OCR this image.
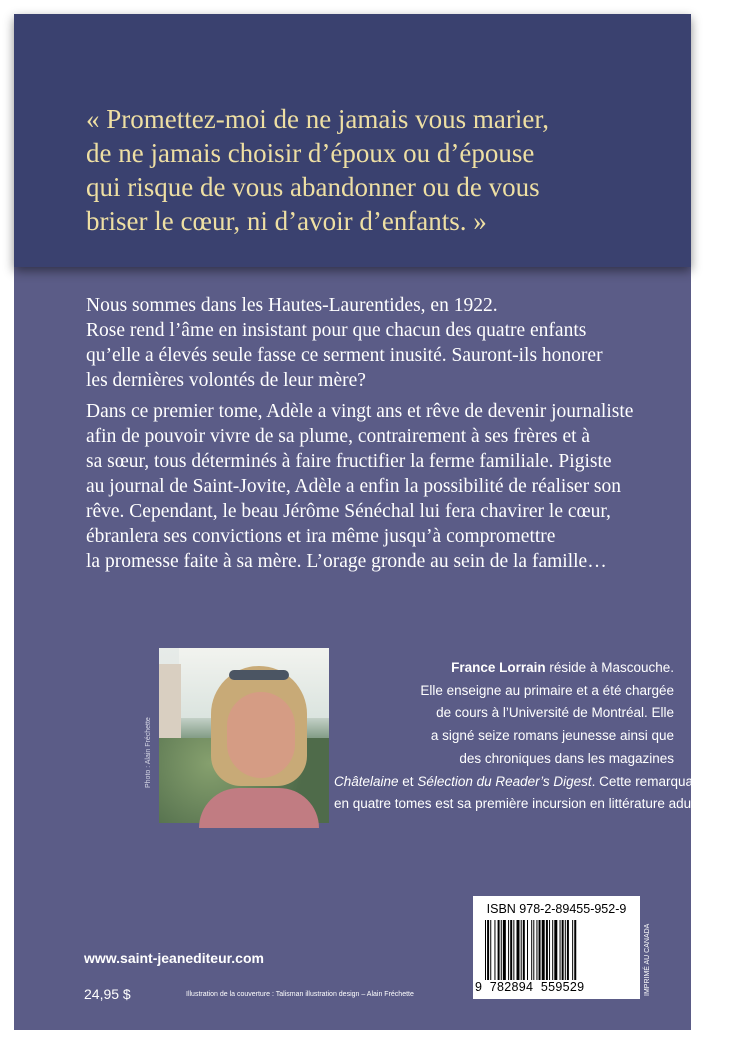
« Promettez-moi de ne jamais vous marier,
de ne jamais choisir d’époux ou d’épouse
qui risque de vous abandonner ou de vous
briser le cœur, ni d’avoir d’enfants. »

Nous sommes dans les Hautes-Laurentides, en 1922.
Rose rend l’âme en insistant pour que chacun des quatre enfants
qu’elle a élevés seule fasse ce serment inusité. Sauront-ils honorer
les dernières volontés de leur mère?

Dans ce premier tome, Adèle a vingt ans et rêve de devenir journaliste
afin de pouvoir vivre de sa plume, contrairement à ses frères et à
sa sœur, tous déterminés à faire fructifier la ferme familiale. Pigiste
au journal de Saint-Jovite, Adèle a enfin la possibilité de réaliser son
rêve. Cependant, le beau Jérôme Sénéchal lui fera chavirer le cœur,
ébranlera ses convictions et ira même jusqu’à compromettre
la promesse faite à sa mère. L’orage gronde au sein de la famille…

Photo : Alain Fréchette

France Lorrain réside à Mascouche.
Elle enseigne au primaire et a été chargée
de cours à l’Université de Montréal. Elle
a signé seize romans jeunesse ainsi que
des chroniques dans les magazines
Châtelaine et Sélection du Reader’s Digest. Cette remarquable série
en quatre tomes est sa première incursion en littérature adulte.

ISBN 978-2-89455-952-9
9  782894  559529	IMPRIMÉ AU CANADA
www.saint-jeanediteur.com
24,95 $	Illustration de la couverture : Talisman illustration design – Alain Fréchette
